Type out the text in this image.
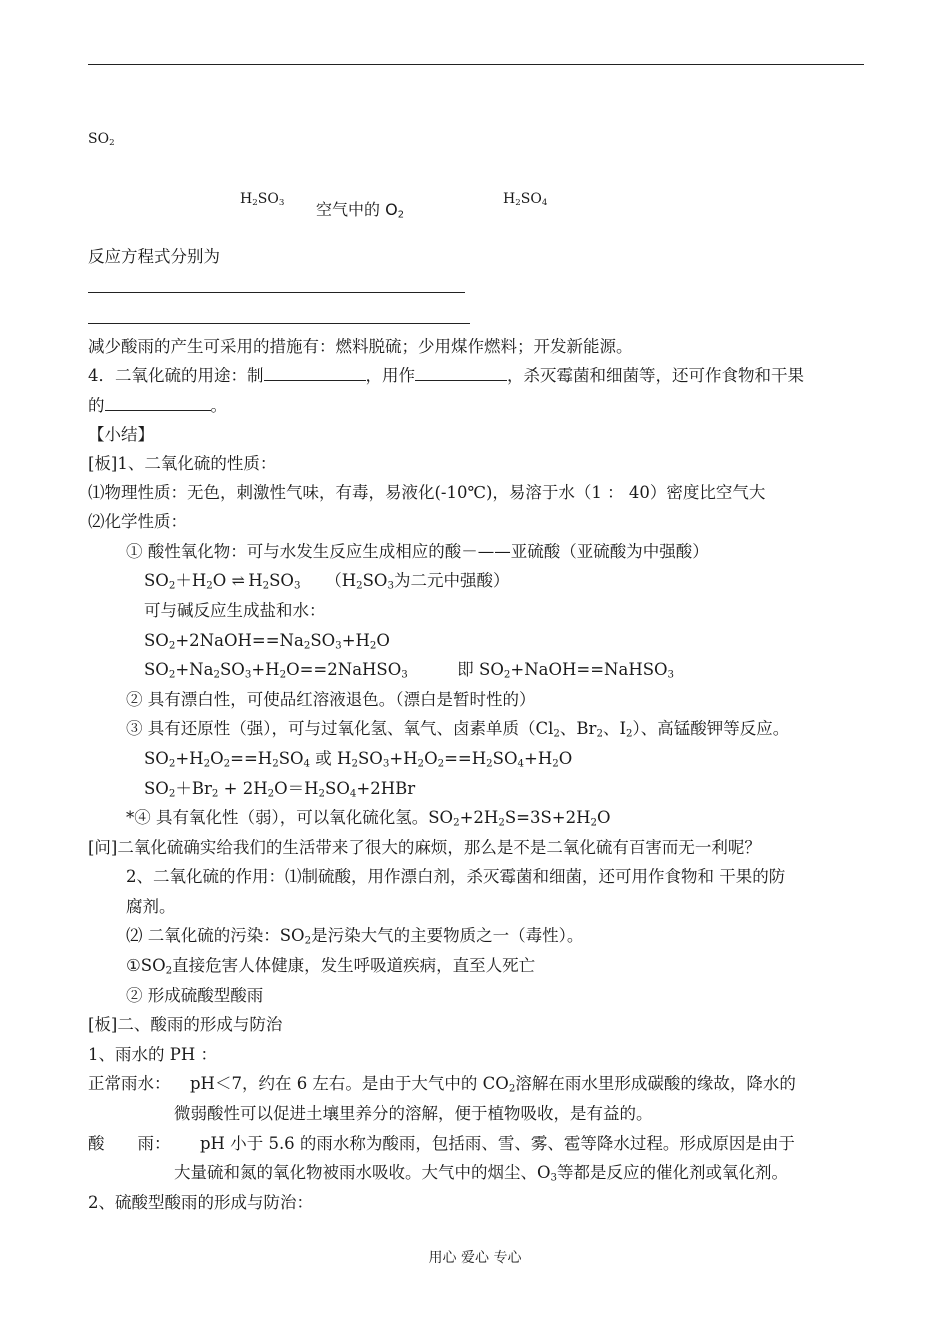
$SO_2$
$H_2SO_3$ 空气中的 $O_2$
$H_2SO_4$
反应方程式分别为
减少酸雨的产生可采用的措施有：燃料脱硫；少用煤作燃料；开发新能源。
4．二氧化硫的用途：制	，用作	，杀灭霉菌和细菌等，还可作食物和干果
的	。
【小结】
[板]1、二氧化硫的性质：
⑴物理性质：无色，刺激性气味，有毒，易液化(-10℃)，易溶于水（1 ： 40）密度比空气大
⑵化学性质：
① 酸性氧化物：可与水发生反应生成相应的酸－——亚硫酸（亚硫酸为中强酸）
$SO_2+H_2O$ ⇌ $H_2SO_3$　　（$H_2SO_3$为二元中强酸）
可与碱反应生成盐和水：
$SO_2+2NaOH==Na_2SO_3+H_2O$
$SO_2+Na_2SO_3+H_2O==2NaHSO_3$　　　	即 $SO_2+NaOH==NaHSO_3$
② 具有漂白性，可使品红溶液退色。（漂白是暂时性的）
③ 具有还原性（强），可与过氧化氢、氧气、卤素单质（$Cl_2$、$Br_2$、$I_2$）、高锰酸钾等反应。
$SO_2+H_2O_2==H_2SO_4$ 或 $H_2SO_3+H_2O_2==H_2SO_4+H_2O$
$SO_2+Br_2 + 2H_2O=H_2SO_4+2HBr$
*④ 具有氧化性（弱），可以氧化硫化氢。$SO_2+2H_2S=3S+2H_2O$
[问]二氧化硫确实给我们的生活带来了很大的麻烦，那么是不是二氧化硫有百害而无一利呢？
2、二氧化硫的作用：⑴制硫酸，用作漂白剂，杀灭霉菌和细菌，还可用作食物和 干果的防
腐剂。
⑵ 二氧化硫的污染：$SO_2$是污染大气的主要物质之一（毒性）。
$①SO_2$直接危害人体健康，发生呼吸道疾病，直至人死亡
② 形成硫酸型酸雨
[板]二、酸雨的形成与防治
1、雨水的 PH ：
正常雨水： pH＜7，约在 6 左右。是由于大气中的 $CO_2$溶解在雨水里形成碳酸的缘故，降水的
微弱酸性可以促进土壤里养分的溶解，便于植物吸收，是有益的。
酸　　雨： pH 小于 5.6 的雨水称为酸雨，包括雨、雪、雾、雹等降水过程。形成原因是由于
大量硫和氮的氧化物被雨水吸收。大气中的烟尘、$O_3$等都是反应的催化剂或氧化剂。
2、硫酸型酸雨的形成与防治：
用心 爱心 专心
